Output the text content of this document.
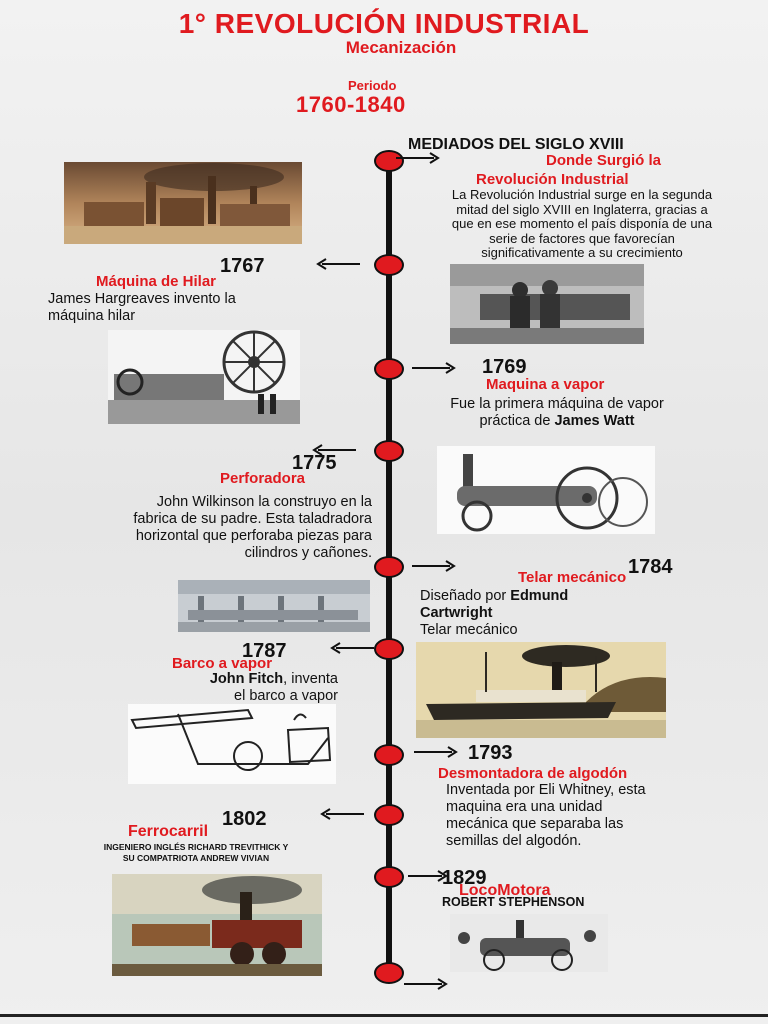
1° REVOLUCIÓN INDUSTRIAL
Mecanización
Periodo
1760-1840
MEDIADOS DEL SIGLO XVIII
Donde Surgió la
Revolución Industrial
La Revolución Industrial surge en la segunda
mitad del siglo XVIII en Inglaterra, gracias a
que en ese momento el país disponía de una
serie de factores que favorecían
significativamente a su crecimiento
1767
Máquina de Hilar
James Hargreaves invento la
máquina hilar
1769
Maquina a vapor
Fue la primera máquina de vapor
práctica de James Watt
1775
Perforadora
John Wilkinson la construyo en la
fabrica de su padre. Esta taladradora
horizontal que perforaba piezas para
cilindros y cañones.
1784
Telar mecánico
Diseñado por Edmund
Cartwright
Telar mecánico
1787
Barco a vapor
John Fitch, inventa
el barco a vapor
1793
Desmontadora de algodón
Inventada por Eli Whitney, esta
maquina era una unidad
mecánica que separaba las
semillas del algodón.
1802
Ferrocarril
INGENIERO INGLÉS RICHARD TREVITHICK Y
SU COMPATRIOTA ANDREW VIVIAN
1829
LocoMotora
ROBERT STEPHENSON
